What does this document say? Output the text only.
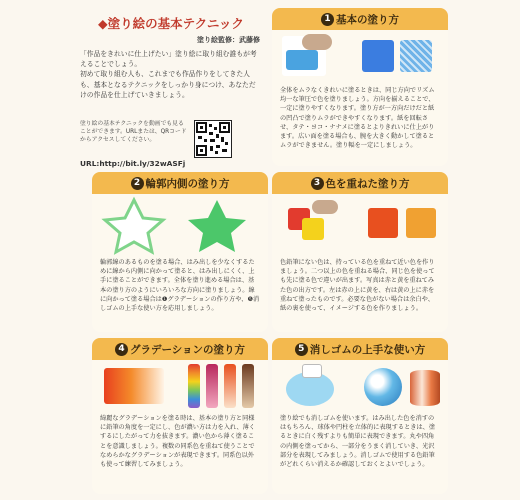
◆塗り絵の基本テクニック
塗り絵監修：武藤修
「作品をきれいに仕上げたい」塗り絵に取り組む誰もが考えることでしょう。
初めて取り組む人も、これまでも作品作りをしてきた人も、基本となるテクニックをしっかり身につけ、あなただけの作品を仕上げていきましょう。
塗り絵の基本テクニックを動画でも見ることができます。URLまたは、QRコードからアクセスしてください。
URL:http://bit.ly/32wASFj
1 基本の塗り方
全体をムラなくきれいに塗るときは、同じ方向でリズム均一な筆圧で色を塗りましょう。方向を揃えることで、一定に塗りやすくなります。塗り方が一方向だけだと紙の凹凸で塗りムラができやすくなります。紙を回転させ、タテ・ヨコ・ナナメに塗るとよりきれいに仕上がります。広い面を塗る場合も、腕を大きく動かして塗るとムラができません。塗り幅を一定にしましょう。
2 輪郭内側の塗り方
輪郭線のあるものを塗る場合、はみ出しを少なくするために線から内側に向かって塗ると、はみ出しにくく、上手に塗ることができます。全体を塗り進める場合は、基本の塗り方のようにいろいろな方向に塗りましょう。線に向かって塗る場合は❶グラデーションの作り方や、❺消しゴムの上手な使い方を応用しましょう。
3 色を重ねた塗り方
色鉛筆にない色は、持っている色を重ねて近い色を作りましょう。二つ以上の色を重ねる場合、同じ色を使っても先に塗る色で違いが出ます。写真は赤と黄を重ねてみた色の出方です。左は赤の上に黄を、右は黄の上に赤を重ねて塗ったものです。必要な色がない場合は余白や、紙の裏を使って、イメージする色を作りましょう。
4 グラデーションの塗り方
綺麗なグラデーションを塗る時は、基本の塗り方と同様に鉛筆の角度を一定にし、色が濃い方は力を入れ、薄くするにしたがって力を抜きます。濃い色から薄く塗ることを意識しましょう。複数の同系色を重ねて使うことでなめらかなグラデーションが表現できます。同系色以外も使って練習してみましょう。
5 消しゴムの上手な使い方
塗り絵でも消しゴムを使います。はみ出した色を消すのはもちろん、球体や円柱を立体的に表現するときは、塗るときに白く残すよりも簡単に表現できます。丸や四角の内側を塗ってから、一部分をうまく消していき、光沢部分を表現してみましょう。消しゴムで使用する色鉛筆がどれくらい消えるか確認しておくとよいでしょう。
